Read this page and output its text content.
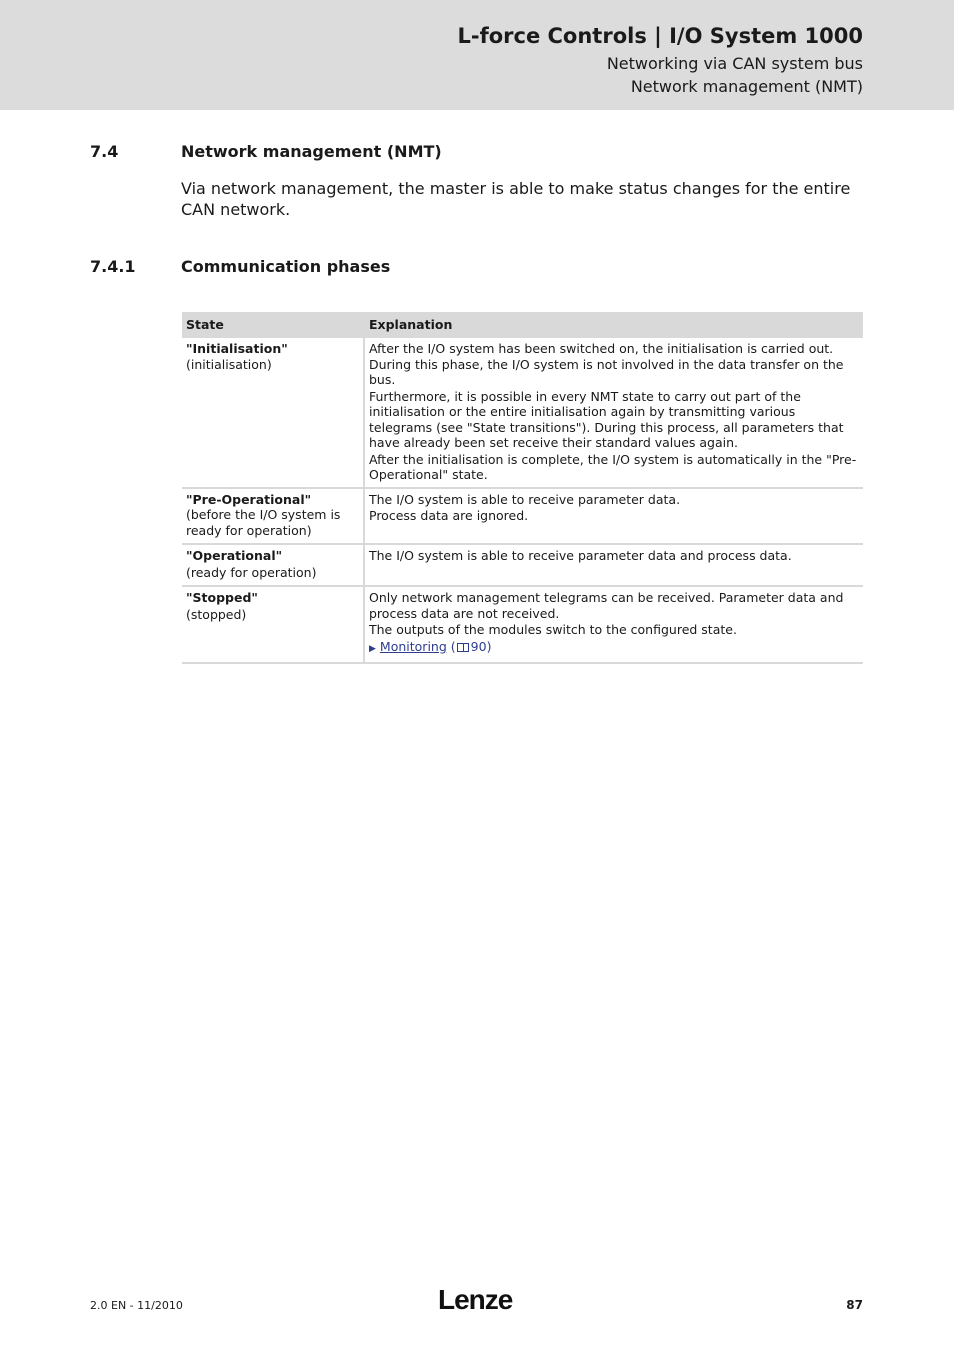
L-force Controls | I/O System 1000
Networking via CAN system bus
Network management (NMT)
7.4	Network management (NMT)
Via network management, the master is able to make status changes for the entire CAN network.
7.4.1	Communication phases
State	Explanation

"Initialisation"
(initialisation)	After the I/O system has been switched on, the initialisation is carried out. During this phase, the I/O system is not involved in the data transfer on the bus.
Furthermore, it is possible in every NMT state to carry out part of the initialisation or the entire initialisation again by transmitting various telegrams (see "State transitions"). During this process, all parameters that have already been set receive their standard values again.
After the initialisation is complete, the I/O system is automatically in the "Pre-Operational" state.

"Pre-Operational"
(before the I/O system is ready for operation)	The I/O system is able to receive parameter data.
Process data are ignored.

"Operational"
(ready for operation)	The I/O system is able to receive parameter data and process data.

"Stopped"
(stopped)	Only network management telegrams can be received. Parameter data and process data are not received.
The outputs of the modules switch to the configured state.
▶ Monitoring ( 90)
2.0 EN - 11/2010	Lenze	87
